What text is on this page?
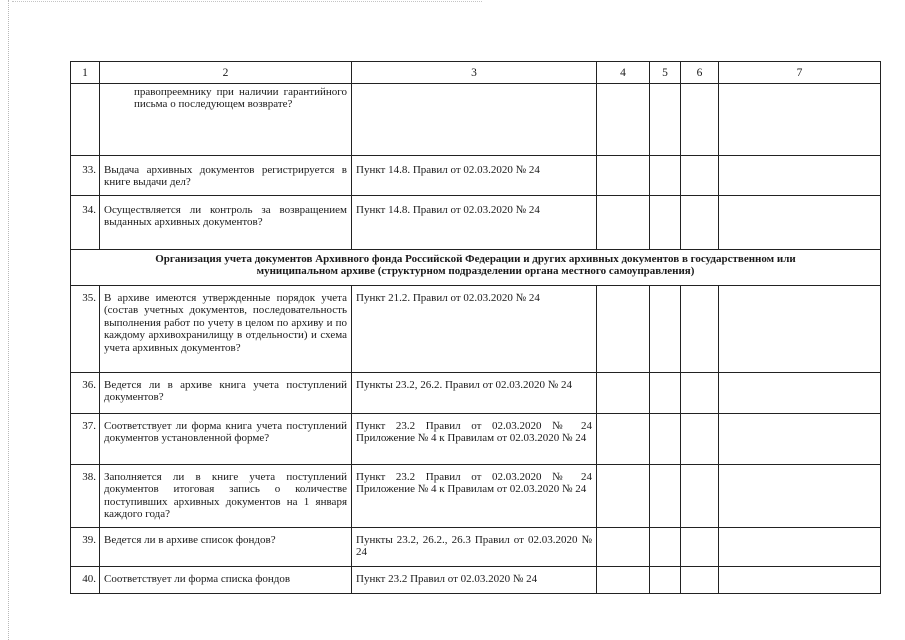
1	2	3	4	5	6	7
	правопреемнику при наличии гарантийного письма о последующем возврате?					
33.	Выдача архивных документов регистрируется в книге выдачи дел?	Пункт 14.8. Правил от 02.03.2020 № 24				
34.	Осуществляется ли контроль за возвращением выданных архивных документов?	Пункт 14.8. Правил от 02.03.2020 № 24				

Организация учета документов Архивного фонда Российской Федерации и других архивных документов в государственном или
муниципальном архиве (структурном подразделении органа местного самоуправления)						

35.	В архиве имеются утвержденные порядок учета (состав учетных документов, последовательность выполнения работ по учету в целом по архиву и по каждому архивохранилищу в отдельности) и схема учета архивных документов?	Пункт 21.2. Правил от 02.03.2020 № 24				
36.	Ведется ли в архиве книга учета поступлений документов?	Пункты 23.2, 26.2. Правил от 02.03.2020 № 24				
37.	Соответствует ли форма книга учета поступлений документов установленной форме?	Пункт 23.2 Правил от 02.03.2020 № 24 Приложение № 4 к Правилам от 02.03.2020 № 24				
38.	Заполняется ли в книге учета поступлений документов итоговая запись о количестве поступивших архивных документов на 1 января каждого года?	Пункт 23.2 Правил от 02.03.2020 № 24 Приложение № 4 к Правилам от 02.03.2020 № 24				
39.	Ведется ли в архиве список фондов?	Пункты 23.2, 26.2., 26.3 Правил от 02.03.2020 № 24				
40.	Соответствует ли форма списка фондов	Пункт 23.2 Правил от 02.03.2020 № 24				
